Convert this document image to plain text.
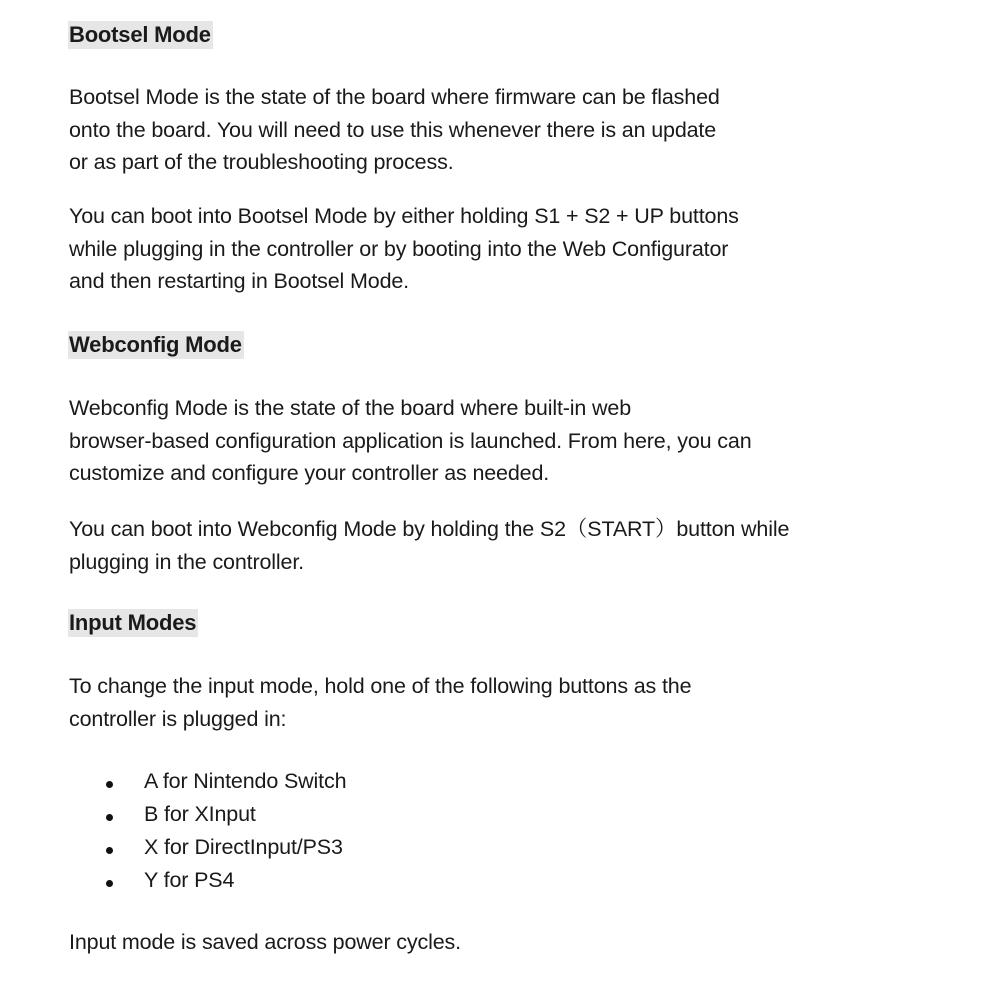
Bootsel Mode

Bootsel Mode is the state of the board where firmware can be flashed
onto the board. You will need to use this whenever there is an update
or as part of the troubleshooting process.

You can boot into Bootsel Mode by either holding S1 + S2 + UP buttons
while plugging in the controller or by booting into the Web Configurator
and then restarting in Bootsel Mode.

Webconfig Mode

Webconfig Mode is the state of the board where built-in web
browser-based configuration application is launched. From here, you can
customize and configure your controller as needed.

You can boot into Webconfig Mode by holding the S2（START）button while
plugging in the controller.

Input Modes

To change the input mode, hold one of the following buttons as the
controller is plugged in:

A for Nintendo Switch
B for XInput
X for DirectInput/PS3
Y for PS4

Input mode is saved across power cycles.
